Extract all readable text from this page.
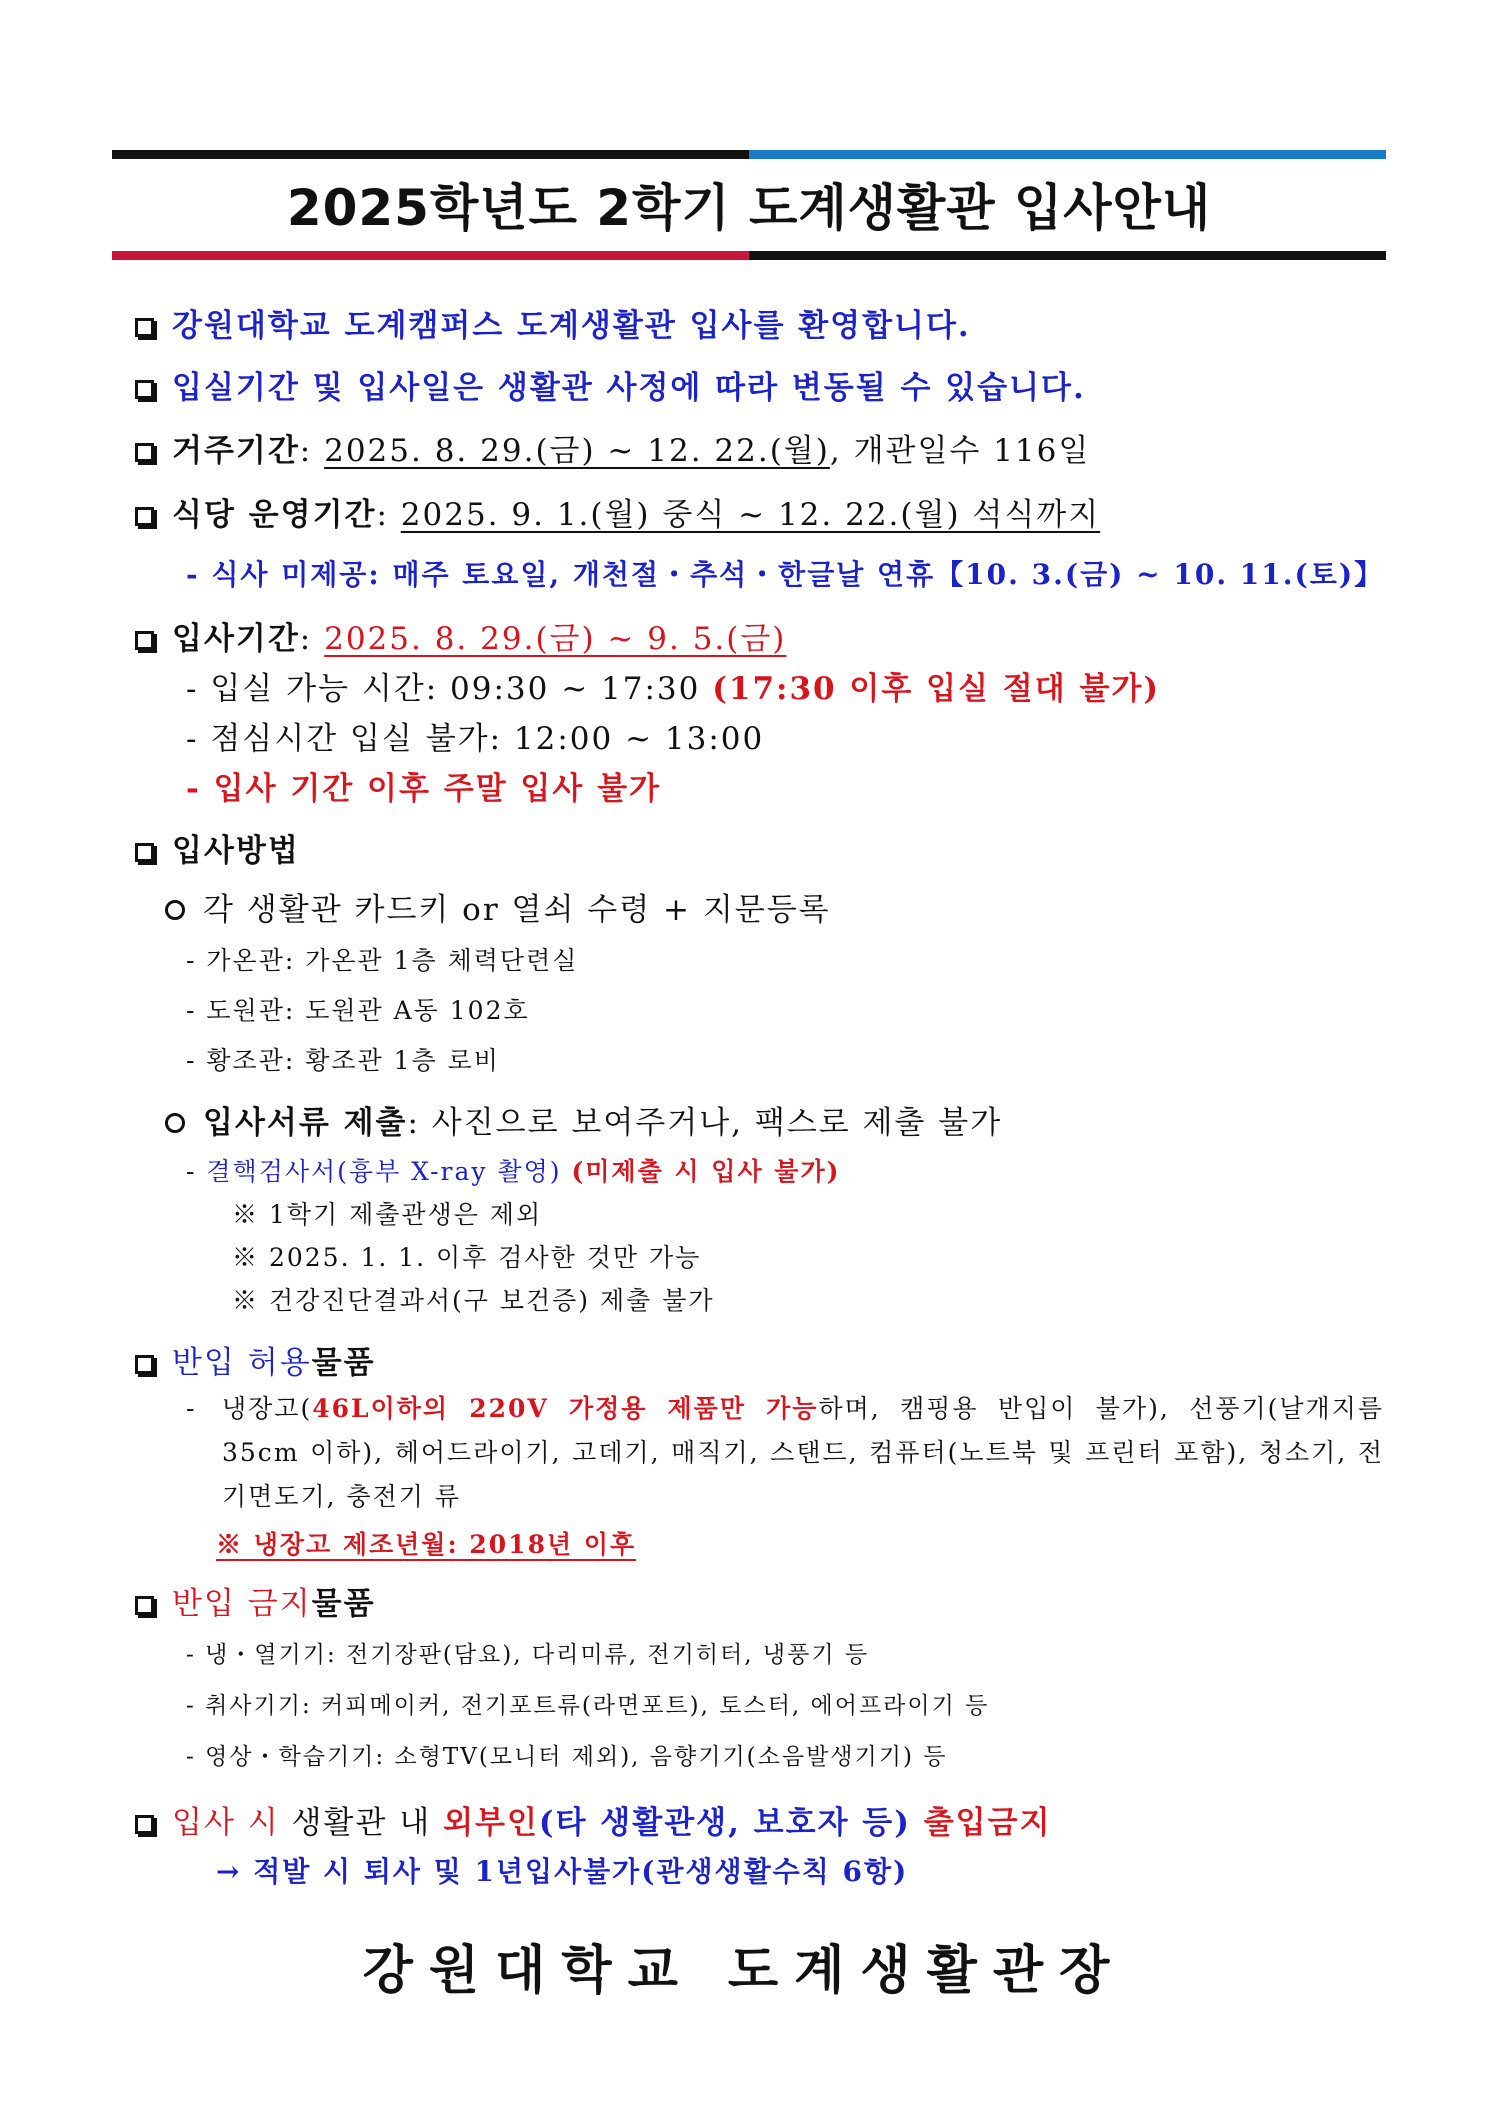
2025학년도 2학기 도계생활관 입사안내
강원대학교 도계캠퍼스 도계생활관 입사를 환영합니다.
입실기간 및 입사일은 생활관 사정에 따라 변동될 수 있습니다.
거주기간: 2025. 8. 29.(금) ~ 12. 22.(월), 개관일수 116일
식당 운영기간: 2025. 9. 1.(월) 중식 ~ 12. 22.(월) 석식까지
- 식사 미제공: 매주 토요일, 개천절・추석・한글날 연휴【10. 3.(금) ~ 10. 11.(토)】
입사기간: 2025. 8. 29.(금) ~ 9. 5.(금)
- 입실 가능 시간: 09:30 ~ 17:30 (17:30 이후 입실 절대 불가)
- 점심시간 입실 불가: 12:00 ~ 13:00
- 입사 기간 이후 주말 입사 불가
입사방법
각 생활관 카드키 or 열쇠 수령 + 지문등록
- 가온관: 가온관 1층 체력단련실
- 도원관: 도원관 A동 102호
- 황조관: 황조관 1층 로비
입사서류 제출: 사진으로 보여주거나, 팩스로 제출 불가
- 결핵검사서(흉부 X-ray 촬영) (미제출 시 입사 불가)
※ 1학기 제출관생은 제외
※ 2025. 1. 1. 이후 검사한 것만 가능
※ 건강진단결과서(구 보건증) 제출 불가
반입 허용물품
- 냉장고(46L이하의 220V 가정용 제품만 가능하며, 캠핑용 반입이 불가), 선풍기(날개지름 35cm 이하), 헤어드라이기, 고데기, 매직기, 스탠드, 컴퓨터(노트북 및 프린터 포함), 청소기, 전기면도기, 충전기 류
※ 냉장고 제조년월: 2018년 이후
반입 금지물품
- 냉・열기기: 전기장판(담요), 다리미류, 전기히터, 냉풍기 등
- 취사기기: 커피메이커, 전기포트류(라면포트), 토스터, 에어프라이기 등
- 영상・학습기기: 소형TV(모니터 제외), 음향기기(소음발생기기) 등
입사 시 생활관 내 외부인(타 생활관생, 보호자 등) 출입금지
→ 적발 시 퇴사 및 1년입사불가(관생생활수칙 6항)
강원대학교 도계생활관장
